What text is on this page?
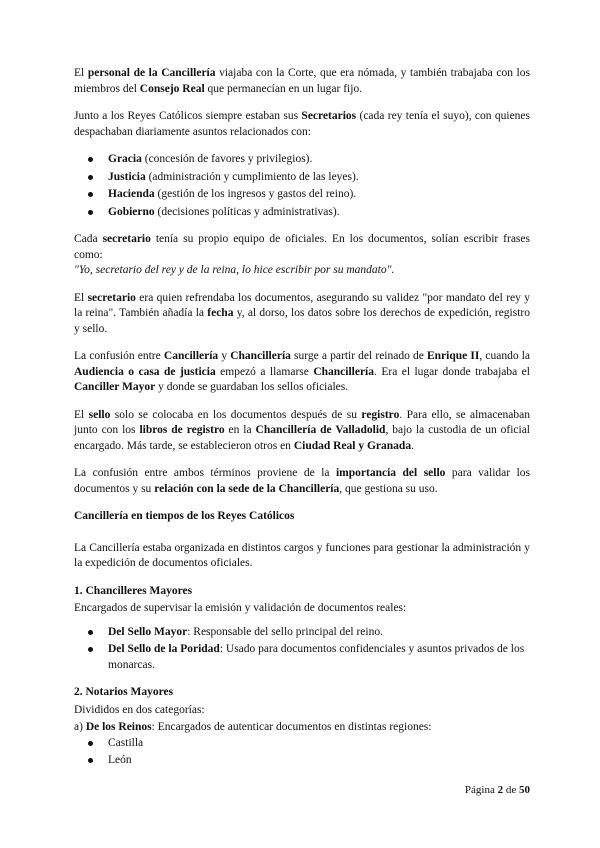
El personal de la Cancillería viajaba con la Corte, que era nómada, y también trabajaba con los miembros del Consejo Real que permanecían en un lugar fijo.

Junto a los Reyes Católicos siempre estaban sus Secretarios (cada rey tenía el suyo), con quienes despachaban diariamente asuntos relacionados con:

Gracia (concesión de favores y privilegios).
Justicia (administración y cumplimiento de las leyes).
Hacienda (gestión de los ingresos y gastos del reino).
Gobierno (decisiones políticas y administrativas).

Cada secretario tenía su propio equipo de oficiales. En los documentos, solían escribir frases como:
"Yo, secretario del rey y de la reina, lo hice escribir por su mandato".

El secretario era quien refrendaba los documentos, asegurando su validez "por mandato del rey y la reina". También añadía la fecha y, al dorso, los datos sobre los derechos de expedición, registro y sello.

La confusión entre Cancillería y Chancillería surge a partir del reinado de Enrique II, cuando la Audiencia o casa de justicia empezó a llamarse Chancillería. Era el lugar donde trabajaba el Canciller Mayor y donde se guardaban los sellos oficiales.

El sello solo se colocaba en los documentos después de su registro. Para ello, se almacenaban junto con los libros de registro en la Chancillería de Valladolid, bajo la custodia de un oficial encargado. Más tarde, se establecieron otros en Ciudad Real y Granada.

La confusión entre ambos términos proviene de la importancia del sello para validar los documentos y su relación con la sede de la Chancillería, que gestiona su uso.

Cancillería en tiempos de los Reyes Católicos

La Cancillería estaba organizada en distintos cargos y funciones para gestionar la administración y la expedición de documentos oficiales.

1. Chancilleres Mayores

Encargados de supervisar la emisión y validación de documentos reales:

Del Sello Mayor: Responsable del sello principal del reino.
Del Sello de la Poridad: Usado para documentos confidenciales y asuntos privados de los monarcas.
2. Notarios Mayores

Divididos en dos categorías:

a) De los Reinos: Encargados de autenticar documentos en distintas regiones:

Castilla
León
Página 2 de 50
